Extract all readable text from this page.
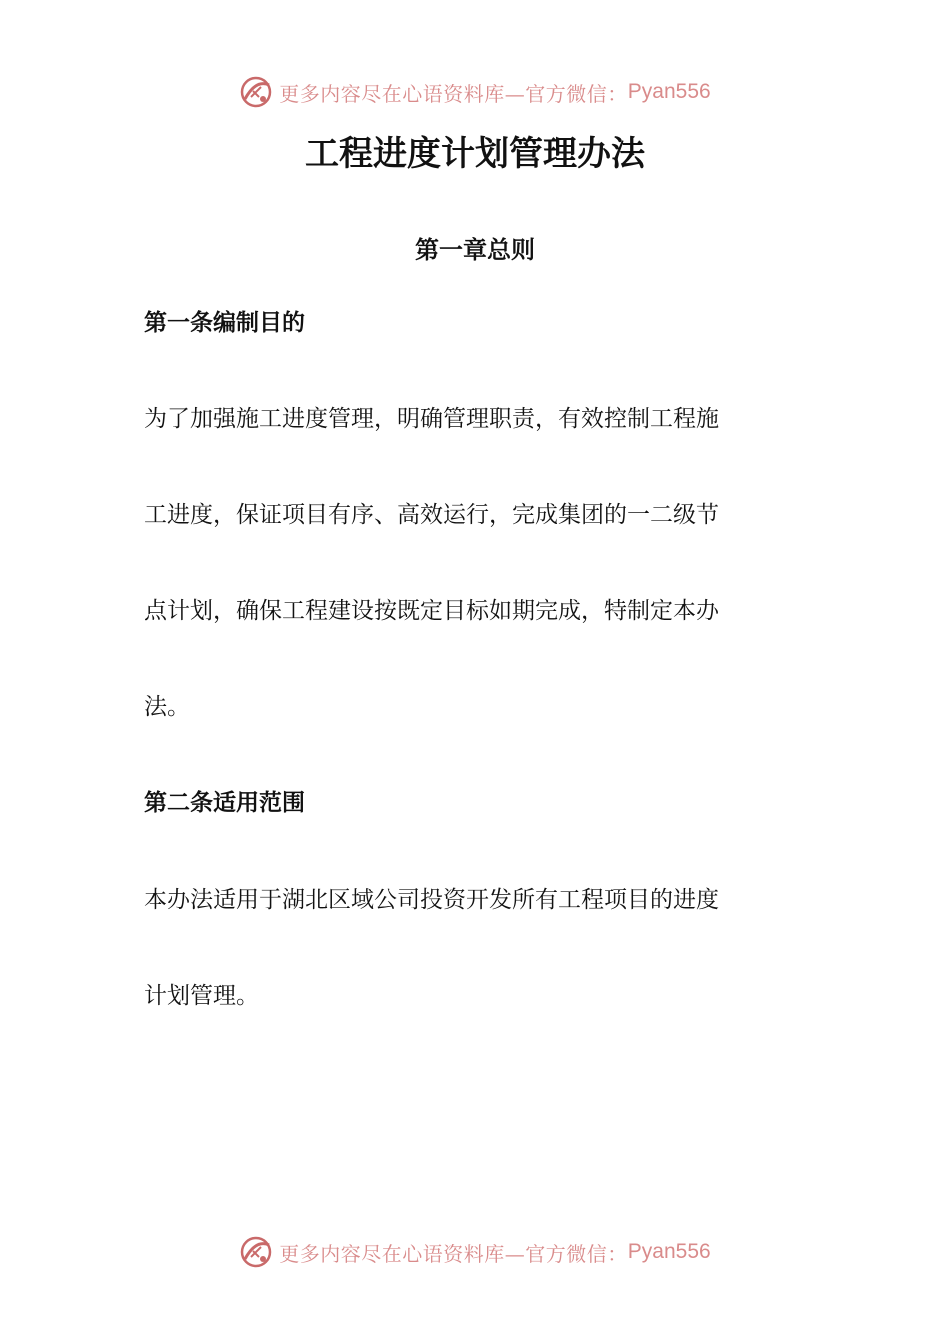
更多内容尽在心语资料库—官方微信： Pyan556
工程进度计划管理办法
第一章总则
第一条编制目的

为了加强施工进度管理，明确管理职责，有效控制工程施

工进度，保证项目有序、高效运行，完成集团的一二级节

点计划，确保工程建设按既定目标如期完成，特制定本办

法。

第二条适用范围

本办法适用于湖北区域公司投资开发所有工程项目的进度

计划管理。

更多内容尽在心语资料库—官方微信： Pyan556
